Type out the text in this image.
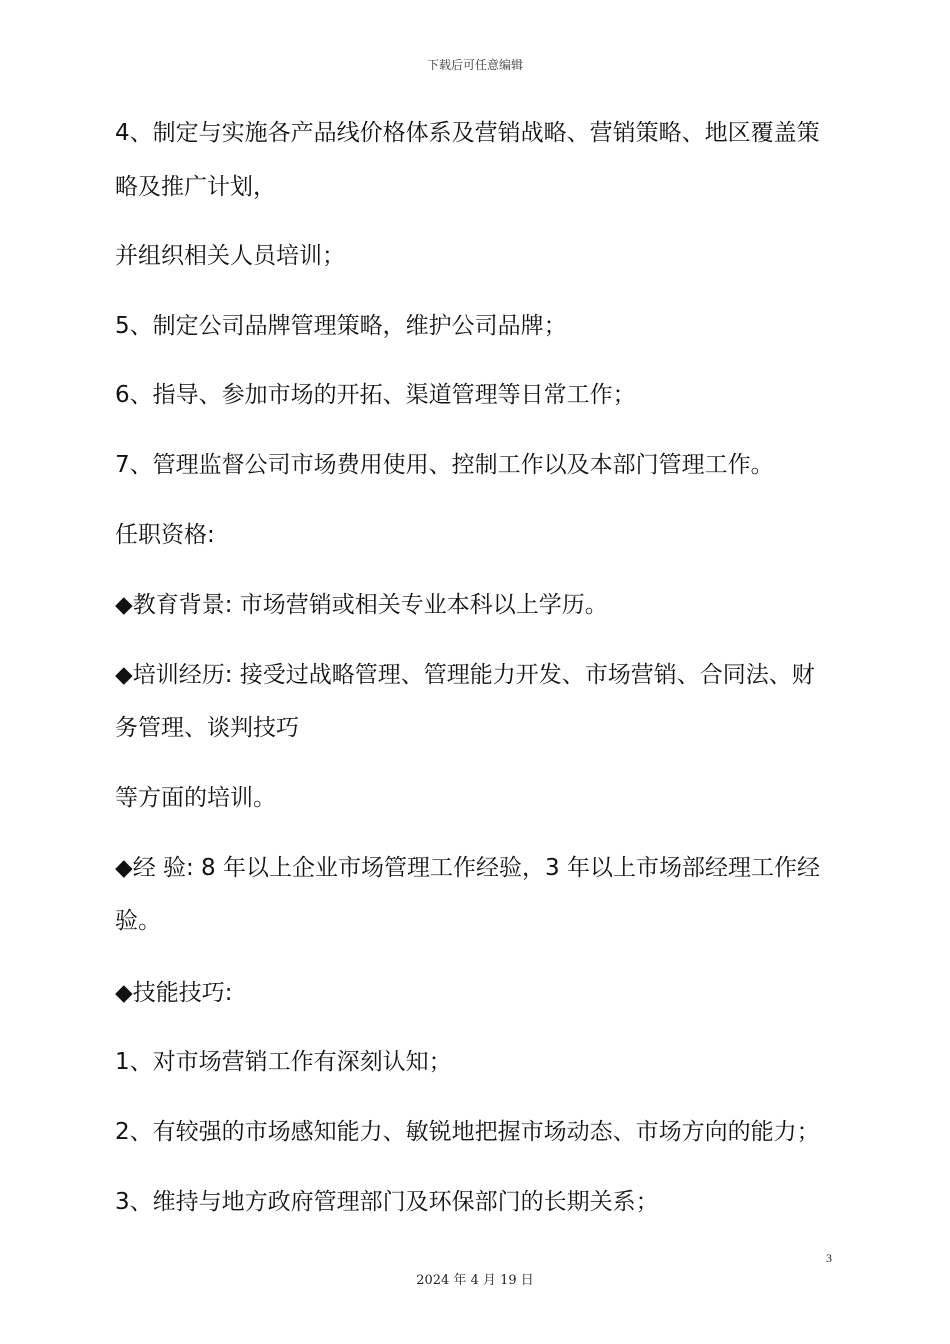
下载后可任意编辑
4、制定与实施各产品线价格体系及营销战略、营销策略、地区覆盖策
略及推广计划，
并组织相关人员培训；
5、制定公司品牌管理策略，维护公司品牌；
6、指导、参加市场的开拓、渠道管理等日常工作；
7、管理监督公司市场费用使用、控制工作以及本部门管理工作。
任职资格:
◆教育背景: 市场营销或相关专业本科以上学历。
◆培训经历: 接受过战略管理、管理能力开发、市场营销、合同法、财
务管理、谈判技巧
等方面的培训。
◆经 验: 8 年以上企业市场管理工作经验，3 年以上市场部经理工作经
验。
◆技能技巧:
1、对市场营销工作有深刻认知；
2、有较强的市场感知能力、敏锐地把握市场动态、市场方向的能力；
3、维持与地方政府管理部门及环保部门的长期关系；
3
2024 年 4 月 19 日
